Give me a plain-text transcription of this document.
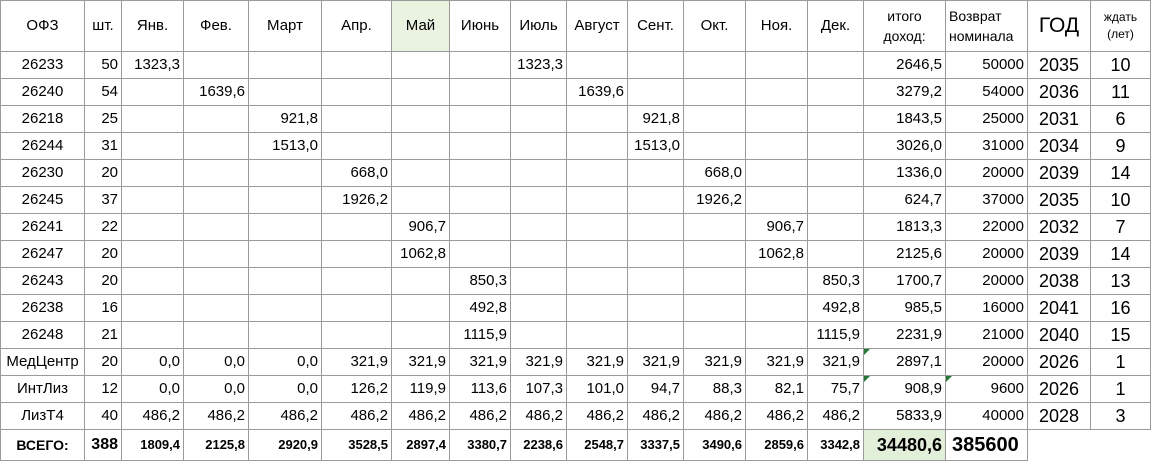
ОФЗ	шт.	Янв.	Фев.	Март	Апр.	Май	Июнь	Июль	Август	Сент.	Окт.	Ноя.	Дек.	итого
доход:	Возврат
номинала	ГОД	ждать
(лет)
26233	50	1323,3						1323,3						2646,5	50000	2035	10
26240	54		1639,6						1639,6					3279,2	54000	2036	11
26218	25			921,8						921,8				1843,5	25000	2031	6
26244	31			1513,0						1513,0				3026,0	31000	2034	9
26230	20				668,0						668,0			1336,0	20000	2039	14
26245	37				1926,2						1926,2			624,7	37000	2035	10
26241	22					906,7						906,7		1813,3	22000	2032	7
26247	20					1062,8						1062,8		2125,6	20000	2039	14
26243	20						850,3						850,3	1700,7	20000	2038	13
26238	16						492,8						492,8	985,5	16000	2041	16
26248	21						1115,9						1115,9	2231,9	21000	2040	15
МедЦентр	20	0,0	0,0	0,0	321,9	321,9	321,9	321,9	321,9	321,9	321,9	321,9	321,9	2897,1	20000	2026	1
ИнтЛиз	12	0,0	0,0	0,0	126,2	119,9	113,6	107,3	101,0	94,7	88,3	82,1	75,7	908,9	9600	2026	1
ЛизТ4	40	486,2	486,2	486,2	486,2	486,2	486,2	486,2	486,2	486,2	486,2	486,2	486,2	5833,9	40000	2028	3
ВСЕГО:	388	1809,4	2125,8	2920,9	3528,5	2897,4	3380,7	2238,6	2548,7	3337,5	3490,6	2859,6	3342,8	34480,6	385600		
